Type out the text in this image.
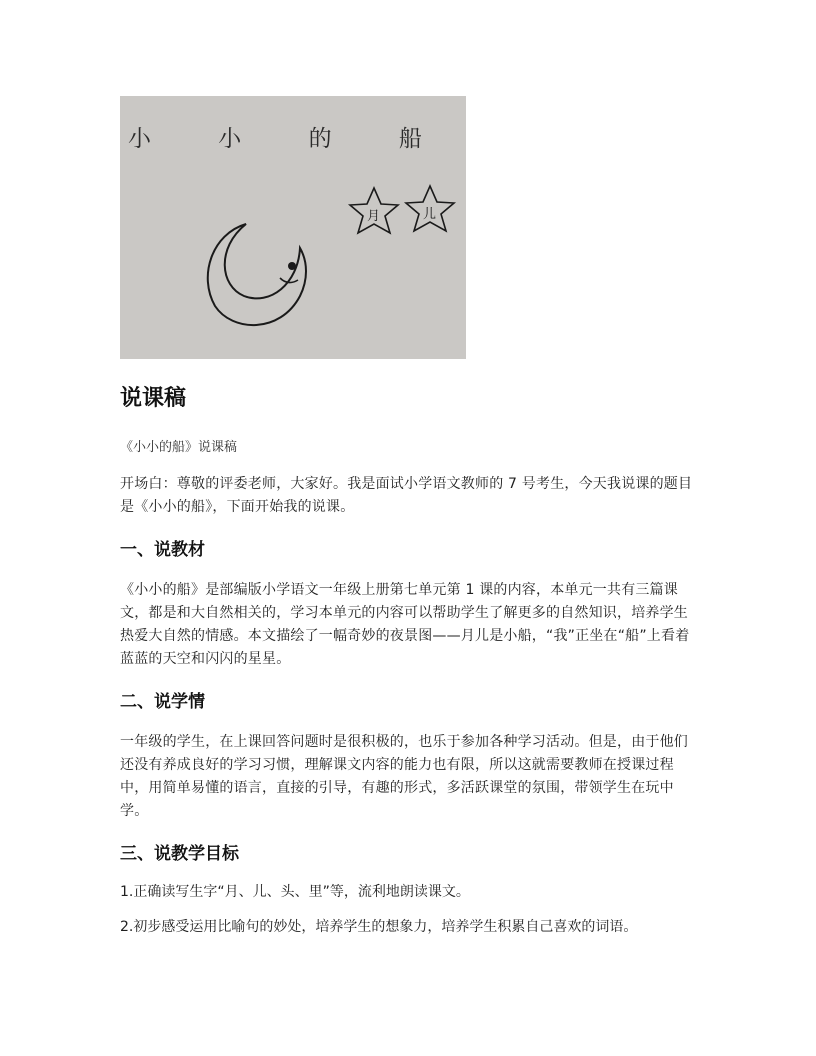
小 小 的 船
月	儿
说课稿
《小小的船》说课稿
开场白：尊敬的评委老师，大家好。我是面试小学语文教师的 7 号考生，今天我说课的题目是《小小的船》，下面开始我的说课。
一、说教材
《小小的船》是部编版小学语文一年级上册第七单元第 1 课的内容，本单元一共有三篇课文，都是和大自然相关的，学习本单元的内容可以帮助学生了解更多的自然知识，培养学生热爱大自然的情感。本文描绘了一幅奇妙的夜景图——月儿是小船，“我”正坐在“船”上看着蓝蓝的天空和闪闪的星星。
二、说学情
一年级的学生，在上课回答问题时是很积极的，也乐于参加各种学习活动。但是，由于他们还没有养成良好的学习习惯，理解课文内容的能力也有限，所以这就需要教师在授课过程中，用简单易懂的语言，直接的引导，有趣的形式，多活跃课堂的氛围，带领学生在玩中学。
三、说教学目标
1.正确读写生字“月、儿、头、里”等，流利地朗读课文。
2.初步感受运用比喻句的妙处，培养学生的想象力，培养学生积累自己喜欢的词语。
